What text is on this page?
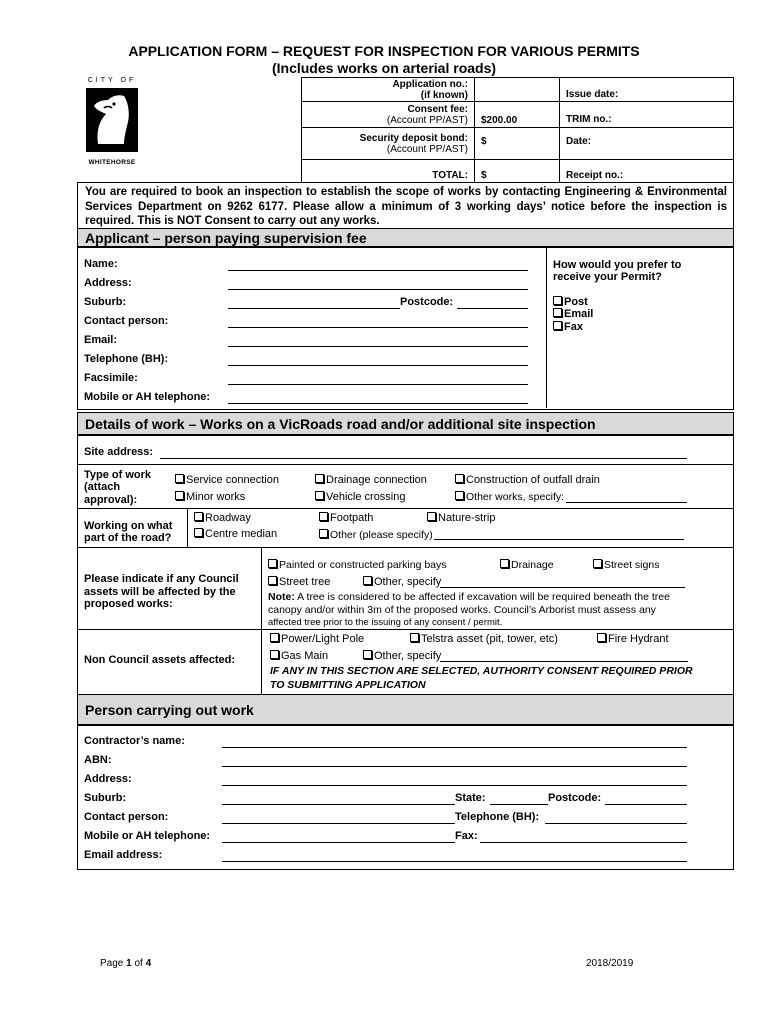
APPLICATION FORM – REQUEST FOR INSPECTION FOR VARIOUS PERMITS
(Includes works on arterial roads)
CITY OF
WHITEHORSE
Application no.:
(if known)		Issue date:

Consent fee:
(Account PP/AST)	$200.00	TRIM no.:

Security deposit bond:
(Account PP/AST)	$	Date:
TOTAL:	$	Receipt no.:
You are required to book an inspection to establish the scope of works by contacting Engineering & Environmental Services Department on 9262 6177. Please allow a minimum of 3 working days’ notice before the inspection is required. This is NOT Consent to carry out any works.
Applicant – person paying supervision fee
Name:
Address:
Suburb:	Postcode:
Contact person:
Email:
Telephone (BH):
Facsimile:
Mobile or AH telephone:
How would you prefer to
receive your Permit?
Post
Email
Fax
Details of work – Works on a VicRoads road and/or additional site inspection
Site address:
Type of work
(attach
approval):
Service connection	Drainage connection	Construction of outfall drain
Minor works	Vehicle crossing	Other works, specify:
Working on what
part of the road?
Roadway	Footpath	Nature-strip
Centre median	Other (please specify)
Please indicate if any Council
assets will be affected by the
proposed works:
Painted or constructed parking bays	Drainage	Street signs
Street tree	Other, specify
Note: A tree is considered to be affected if excavation will be required beneath the tree
canopy and/or within 3m of the proposed works. Council’s Arborist must assess any
affected tree prior to the issuing of any consent / permit.
Non Council assets affected:
Power/Light Pole	Telstra asset (pit, tower, etc)	Fire Hydrant
Gas Main	Other, specify
IF ANY IN THIS SECTION ARE SELECTED, AUTHORITY CONSENT REQUIRED PRIOR
TO SUBMITTING APPLICATION
Person carrying out work
Contractor’s name:
ABN:
Address:
Suburb:	State:	Postcode:
Contact person:	Telephone (BH):
Mobile or AH telephone:	Fax:
Email address:
Page 1 of 4	2018/2019
